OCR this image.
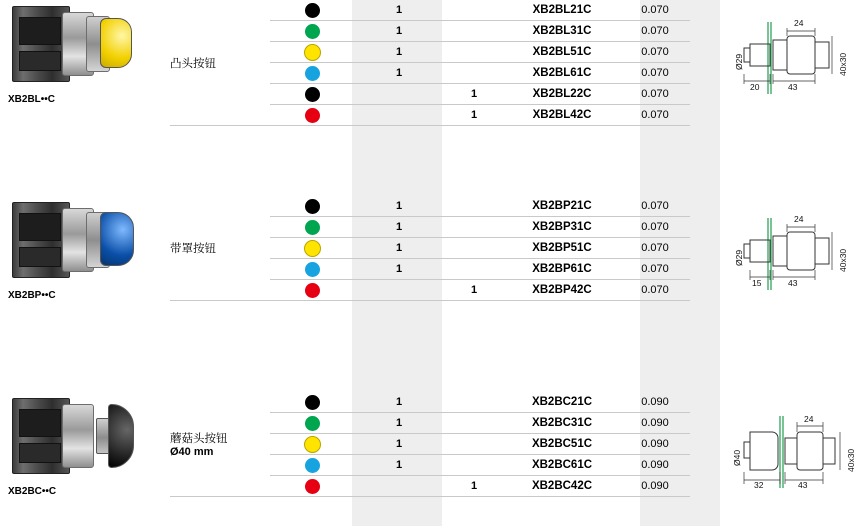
XB2BL••C
凸头按钮		1		XB2BL21C	0.070
		1		XB2BL31C	0.070
		1		XB2BL51C	0.070
		1		XB2BL61C	0.070
			1	XB2BL22C	0.070
			1	XB2BL42C	0.070
24
Ø29
20	43
40x30
XB2BP••C
带罩按钮		1		XB2BP21C	0.070
		1		XB2BP31C	0.070
		1		XB2BP51C	0.070
		1		XB2BP61C	0.070
			1	XB2BP42C	0.070
24
Ø29
15	43
40x30
XB2BC••C
蘑菇头按钮
Ø40 mm		1		XB2BC21C	0.090
		1		XB2BC31C	0.090
		1		XB2BC51C	0.090
		1		XB2BC61C	0.090
			1	XB2BC42C	0.090
24
Ø40
32	43
40x30
